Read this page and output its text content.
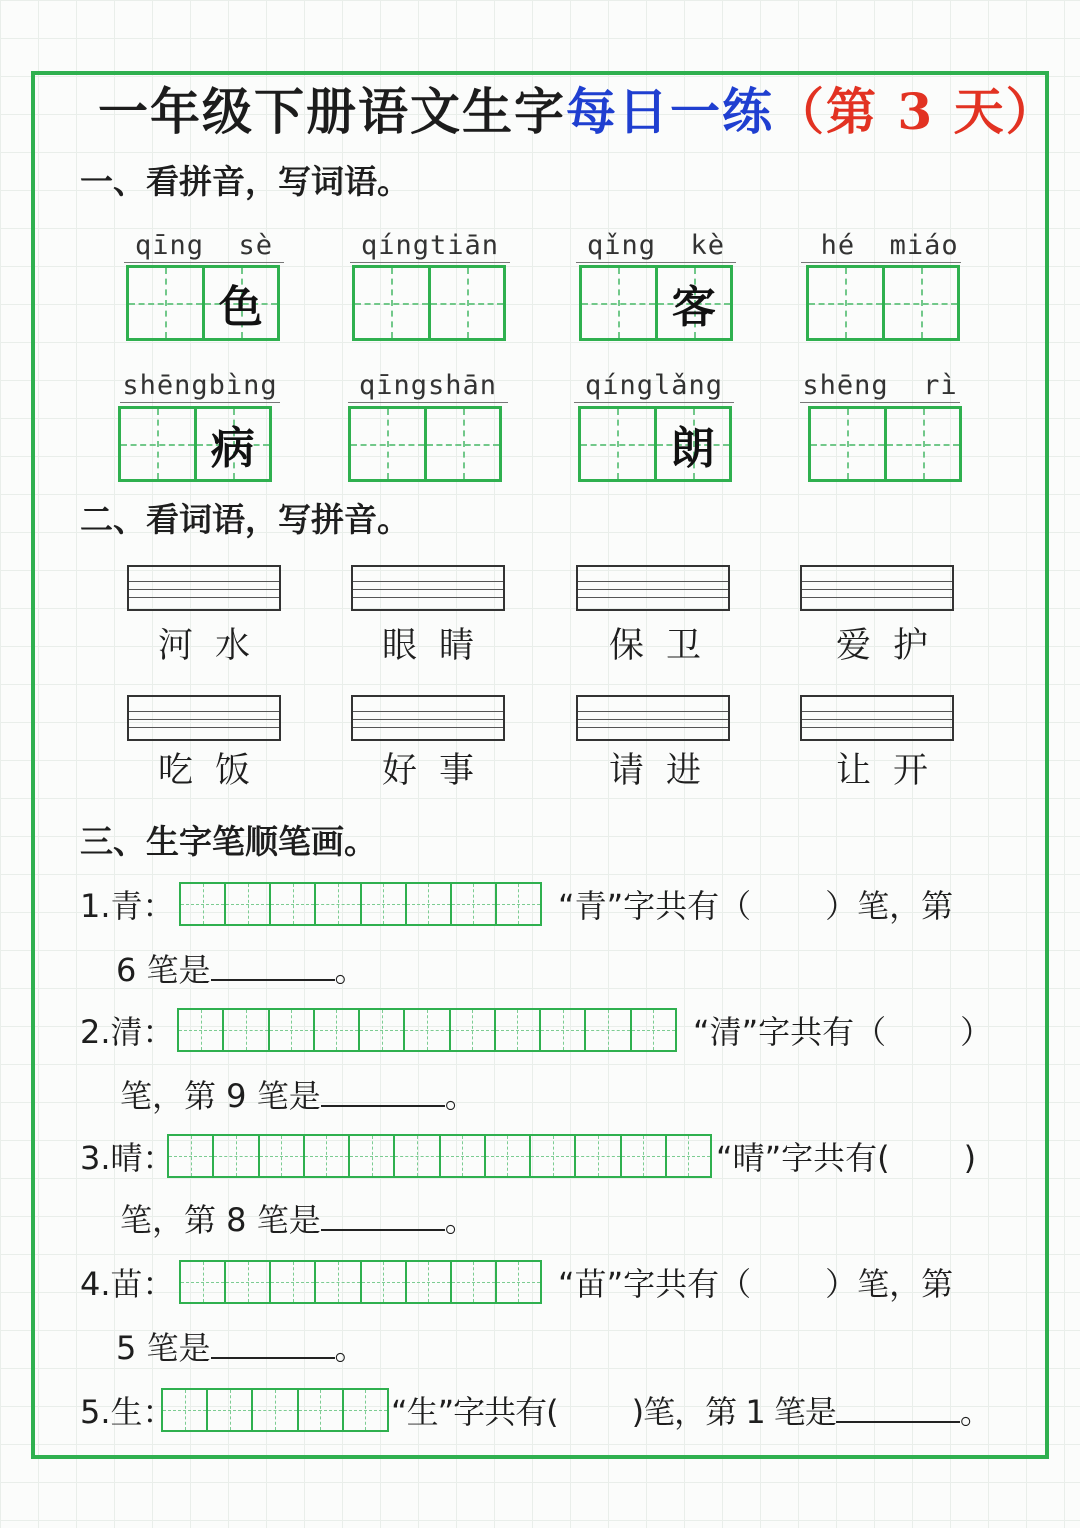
一年级下册语文生字每日一练（第 3 天）
一、看拼音，写词语。
qīng  sè
色
qíngtiān	qǐng  kè
客
hé  miáo
shēngbìng
病
qīngshān	qínglǎng
朗
shēng  rì
二、看词语，写拼音。
河水	眼睛	保卫	爱护
吃饭	好事	请进	让开
三、生字笔顺笔画。
1.青：	“青”字共有（ ）笔，第
6 笔是	。
2.清：	“清”字共有（ ）
笔，第 9 笔是	。
3.晴：	“晴”字共有( )
笔，第 8 笔是	。
4.苗：	“苗”字共有（ ）笔，第
5 笔是	。
5.生：	“生”字共有( )笔，第 1 笔是	。
